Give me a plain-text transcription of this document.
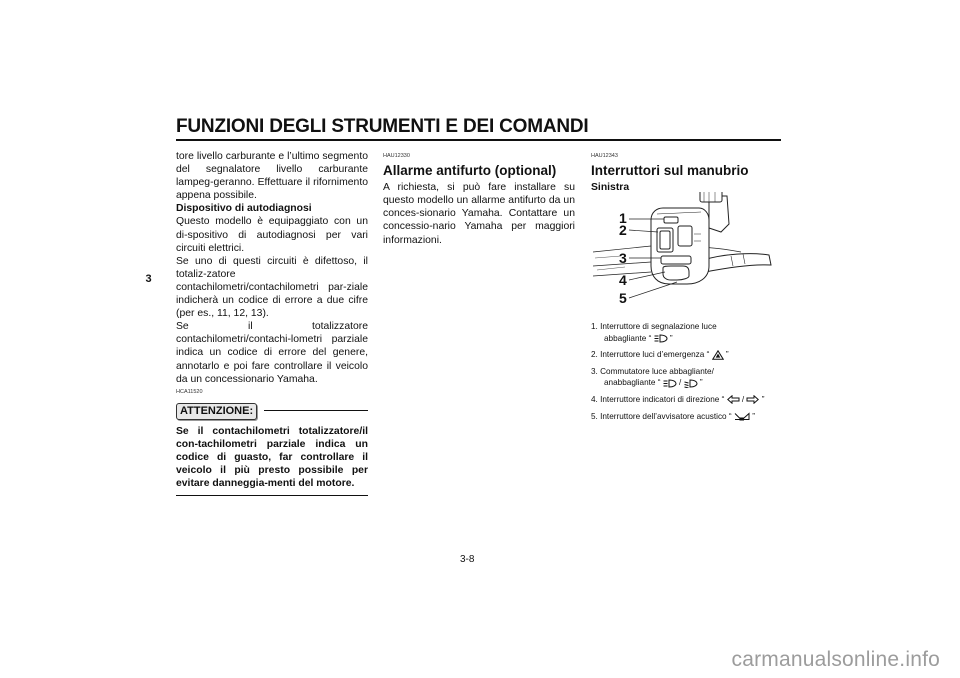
FUNZIONI DEGLI STRUMENTI E DEI COMANDI
3

tore livello carburante e l’ultimo segmento del segnalatore livello carburante lampeg-geranno. Effettuare il rifornimento appena possibile.

Dispositivo di autodiagnosi

Questo modello è equipaggiato con un di-spositivo di autodiagnosi per vari circuiti elettrici.

Se uno di questi circuiti è difettoso, il totaliz-zatore contachilometri/contachilometri par-ziale indicherà un codice di errore a due cifre (per es., 11, 12, 13).

Se il totalizzatore contachilometri/contachi-lometri parziale indica un codice di errore del genere, annotarlo e poi fare controllare il veicolo da un concessionario Yamaha.

HCA11520

ATTENZIONE:

Se il contachilometri totalizzatore/il con-tachilometri parziale indica un codice di guasto, far controllare il veicolo il più presto possibile per evitare danneggia-menti del motore.

HAU12330

Allarme antifurto (optional)

A richiesta, si può fare installare su questo modello un allarme antifurto da un conces-sionario Yamaha. Contattare un concessio-nario Yamaha per maggiori informazioni.

HAU12343

Interruttori sul manubrio
Sinistra
1
2
3
4
5
1. Interruttore di segnalazione luce
abbagliante “ ”
2. Interruttore luci d’emergenza “ ”
3. Commutatore luce abbagliante/
anabbagliante “ / ”
4. Interruttore indicatori di direzione “ / ”
5. Interruttore dell’avvisatore acustico “	”
3-8
carmanualsonline.info
